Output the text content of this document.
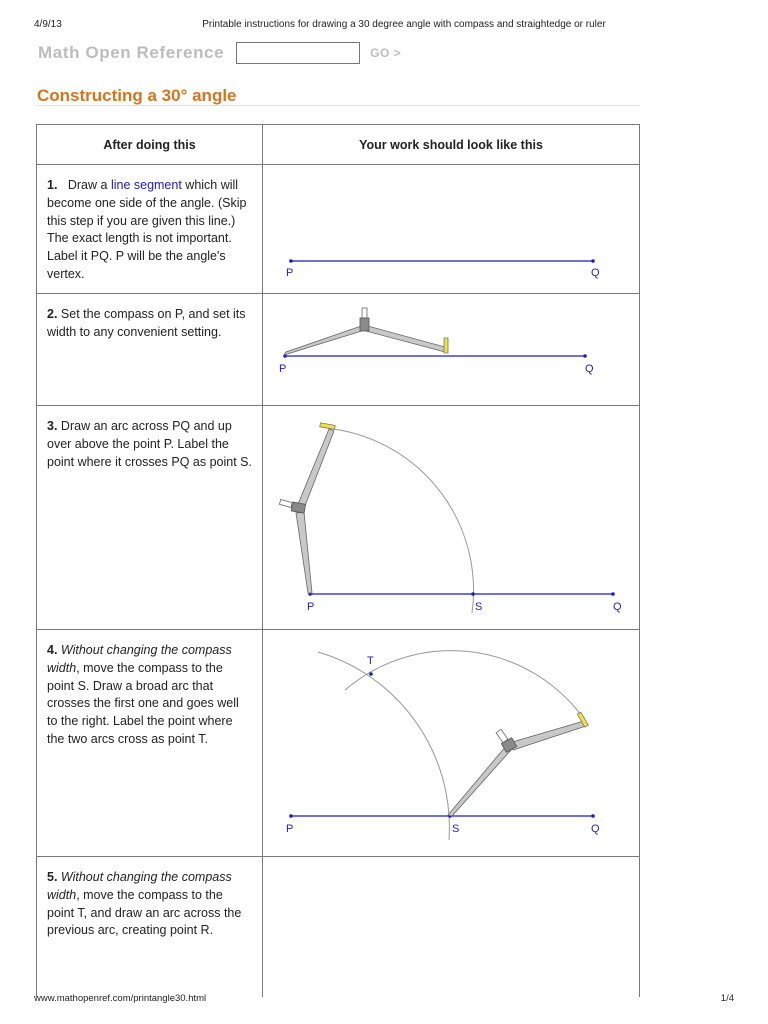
4/9/13	Printable instructions for drawing a 30 degree angle with compass and straightedge or ruler
Math Open Reference	GO >
Constructing a 30° angle
After doing this	Your work should look like this
1. Draw a line segment which will become one side of the angle. (Skip this step if you are given this line.) The exact length is not important. Label it PQ. P will be the angle's vertex.	P Q

2. Set the compass on P, and set its width to any convenient setting.	P Q

3. Draw an arc across PQ and up over above the point P. Label the point where it crosses PQ as point S.	P S Q

4. Without changing the compass width, move the compass to the point S. Draw a broad arc that crosses the first one and goes well to the right. Label the point where the two arcs cross as point T.	T
P S Q

5. Without changing the compass width, move the compass to the point T, and draw an arc across the previous arc, creating point R.	
www.mathopenref.com/printangle30.html	1/4
